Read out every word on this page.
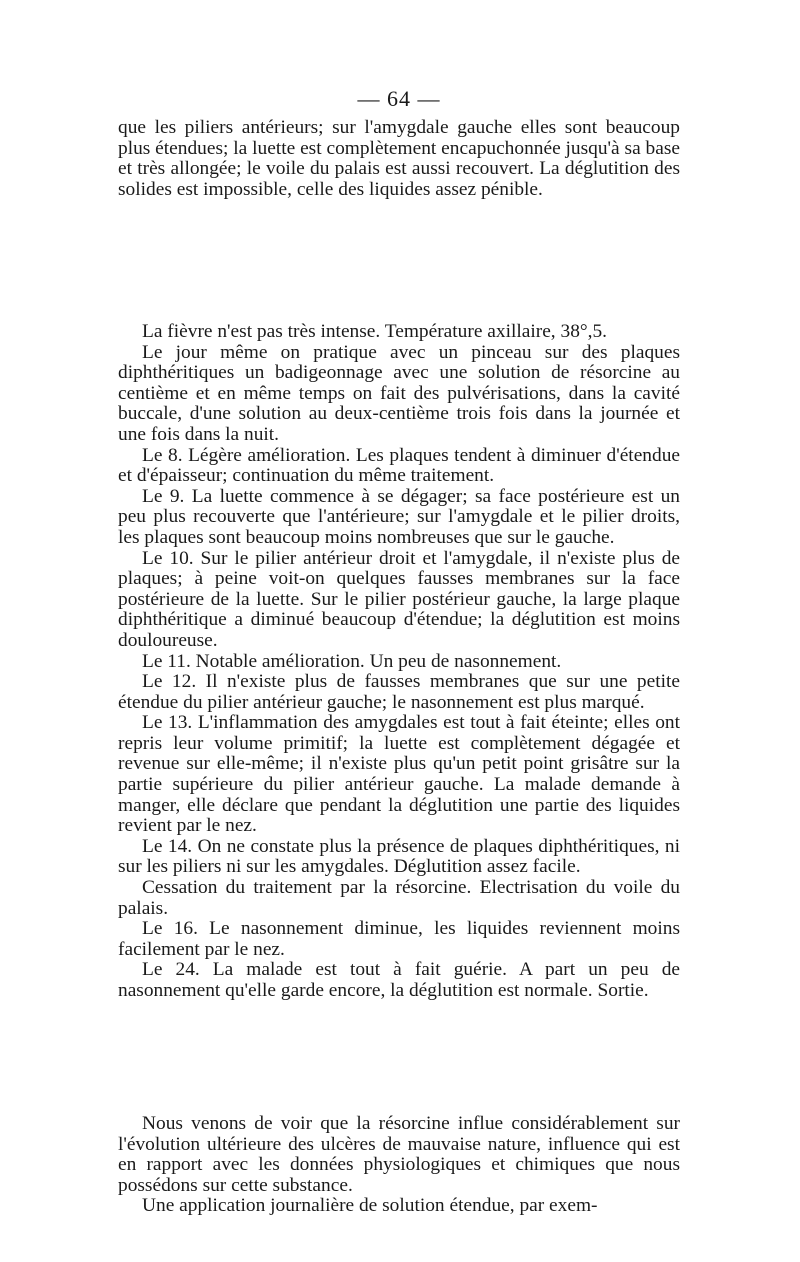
— 64 —

que les piliers antérieurs; sur l'amygdale gauche elles sont beaucoup plus étendues; la luette est complètement encapuchonnée jusqu'à sa base et très allongée; le voile du palais est aussi recouvert. La déglutition des solides est impossible, celle des liquides assez pénible.

La fièvre n'est pas très intense. Température axillaire, 38°,5.

Le jour même on pratique avec un pinceau sur des plaques diphthéritiques un badigeonnage avec une solution de résorcine au centième et en même temps on fait des pulvérisations, dans la cavité buccale, d'une solution au deux-centième trois fois dans la journée et une fois dans la nuit.

Le 8. Légère amélioration. Les plaques tendent à diminuer d'étendue et d'épaisseur; continuation du même traitement.

Le 9. La luette commence à se dégager; sa face postérieure est un peu plus recouverte que l'antérieure; sur l'amygdale et le pilier droits, les plaques sont beaucoup moins nombreuses que sur le gauche.

Le 10. Sur le pilier antérieur droit et l'amygdale, il n'existe plus de plaques; à peine voit-on quelques fausses membranes sur la face postérieure de la luette. Sur le pilier postérieur gauche, la large plaque diphthéritique a diminué beaucoup d'étendue; la déglutition est moins douloureuse.

Le 11. Notable amélioration. Un peu de nasonnement.

Le 12. Il n'existe plus de fausses membranes que sur une petite étendue du pilier antérieur gauche; le nasonnement est plus marqué.

Le 13. L'inflammation des amygdales est tout à fait éteinte; elles ont repris leur volume primitif; la luette est complètement dégagée et revenue sur elle-même; il n'existe plus qu'un petit point grisâtre sur la partie supérieure du pilier antérieur gauche. La malade demande à manger, elle déclare que pendant la déglutition une partie des liquides revient par le nez.

Le 14. On ne constate plus la présence de plaques diphthéritiques, ni sur les piliers ni sur les amygdales. Déglutition assez facile.

Cessation du traitement par la résorcine. Electrisation du voile du palais.

Le 16. Le nasonnement diminue, les liquides reviennent moins facilement par le nez.

Le 24. La malade est tout à fait guérie. A part un peu de nasonnement qu'elle garde encore, la déglutition est normale. Sortie.

Nous venons de voir que la résorcine influe considérablement sur l'évolution ultérieure des ulcères de mauvaise nature, influence qui est en rapport avec les données physiologiques et chimiques que nous possédons sur cette substance.

Une application journalière de solution étendue, par exem-
